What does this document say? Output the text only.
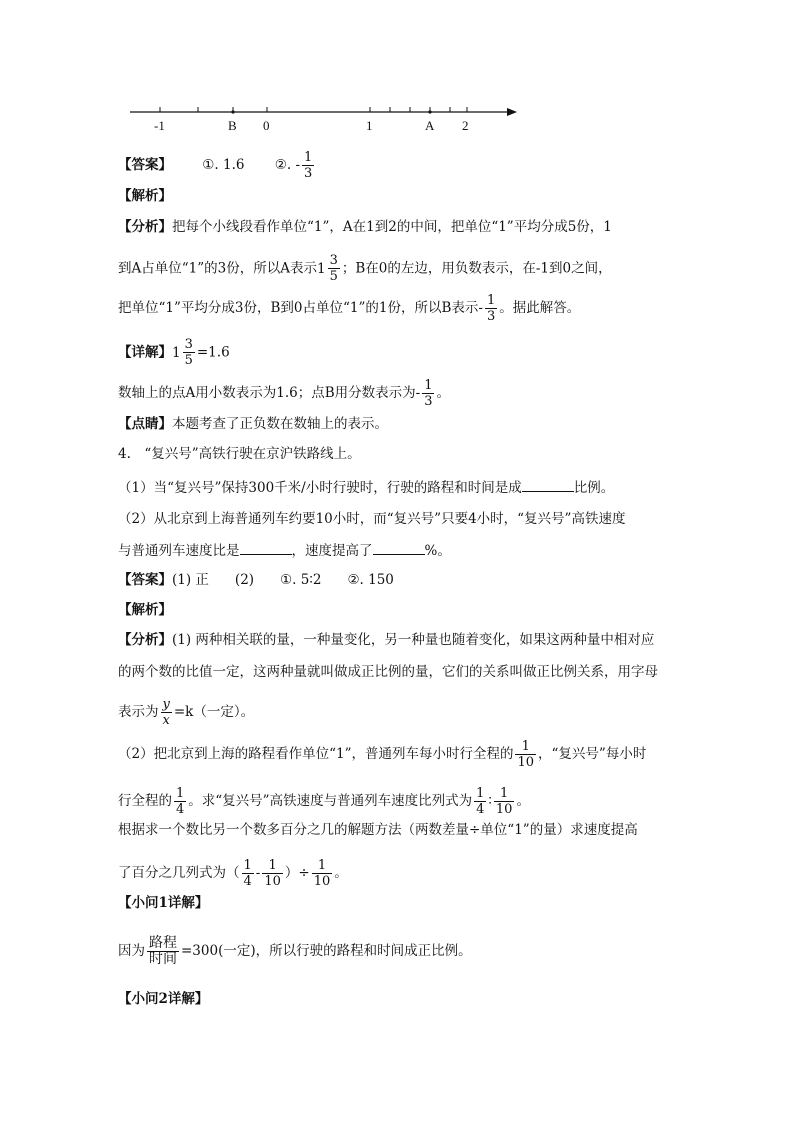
-1	B 0	1	A 2
【答案】 ①. 1.6 ②. - $\frac{1}{3}$
【解析】
【分析】把每个小线段看作单位“1”，A在1到2的中间，把单位“1”平均分成5份，1
到A占单位“1”的3份，所以A表示 $1 \frac{3}{5}$ ；B在0的左边，用负数表示，在-1到0之间，
把单位“1”平均分成3份，B到0占单位“1”的1份，所以B表示- $\frac{1}{3}$ 。据此解答。
【详解】 $1 \frac{3}{5} =1.6$
数轴上的点A用小数表示为1.6；点B用分数表示为- $\frac{1}{3}$ 。
【点睛】本题考查了正负数在数轴上的表示。
4.　“复兴号”高铁行驶在京沪铁路线上。
（1）当“复兴号”保持300千米/小时行驶时，行驶的路程和时间是成	比例。
（2）从北京到上海普通列车约要10小时，而“复兴号”只要4小时，“复兴号”高铁速度
与普通列车速度比是	，速度提高了	%。
【答案】(1) 正 (2) ①. 5∶2 ②. 150
【解析】
【分析】(1) 两种相关联的量，一种量变化，另一种量也随着变化，如果这两种量中相对应
的两个数的比值一定，这两种量就叫做成正比例的量，它们的关系叫做正比例关系，用字母
表示为 $\frac{y}{x} =k$（一定）。
（2）把北京到上海的路程看作单位“1”，普通列车每小时行全程的 $\frac{1}{10}$ ，“复兴号”每小时
行全程的 $\frac{1}{4}$ 。求“复兴号”高铁速度与普通列车速度比列式为 $\frac{1}{4}$ ∶ $\frac{1}{10}$ 。
根据求一个数比另一个数多百分之几的解题方法（两数差量÷单位“1”的量）求速度提高
了百分之几列式为（ $\frac{1}{4} - \frac{1}{10}$ ）÷ $\frac{1}{10}$ 。
【小问1详解】
因为 $\frac{\text{路程}}{\text{时间}} =300$(一定)，所以行驶的路程和时间成正比例。
【小问2详解】
